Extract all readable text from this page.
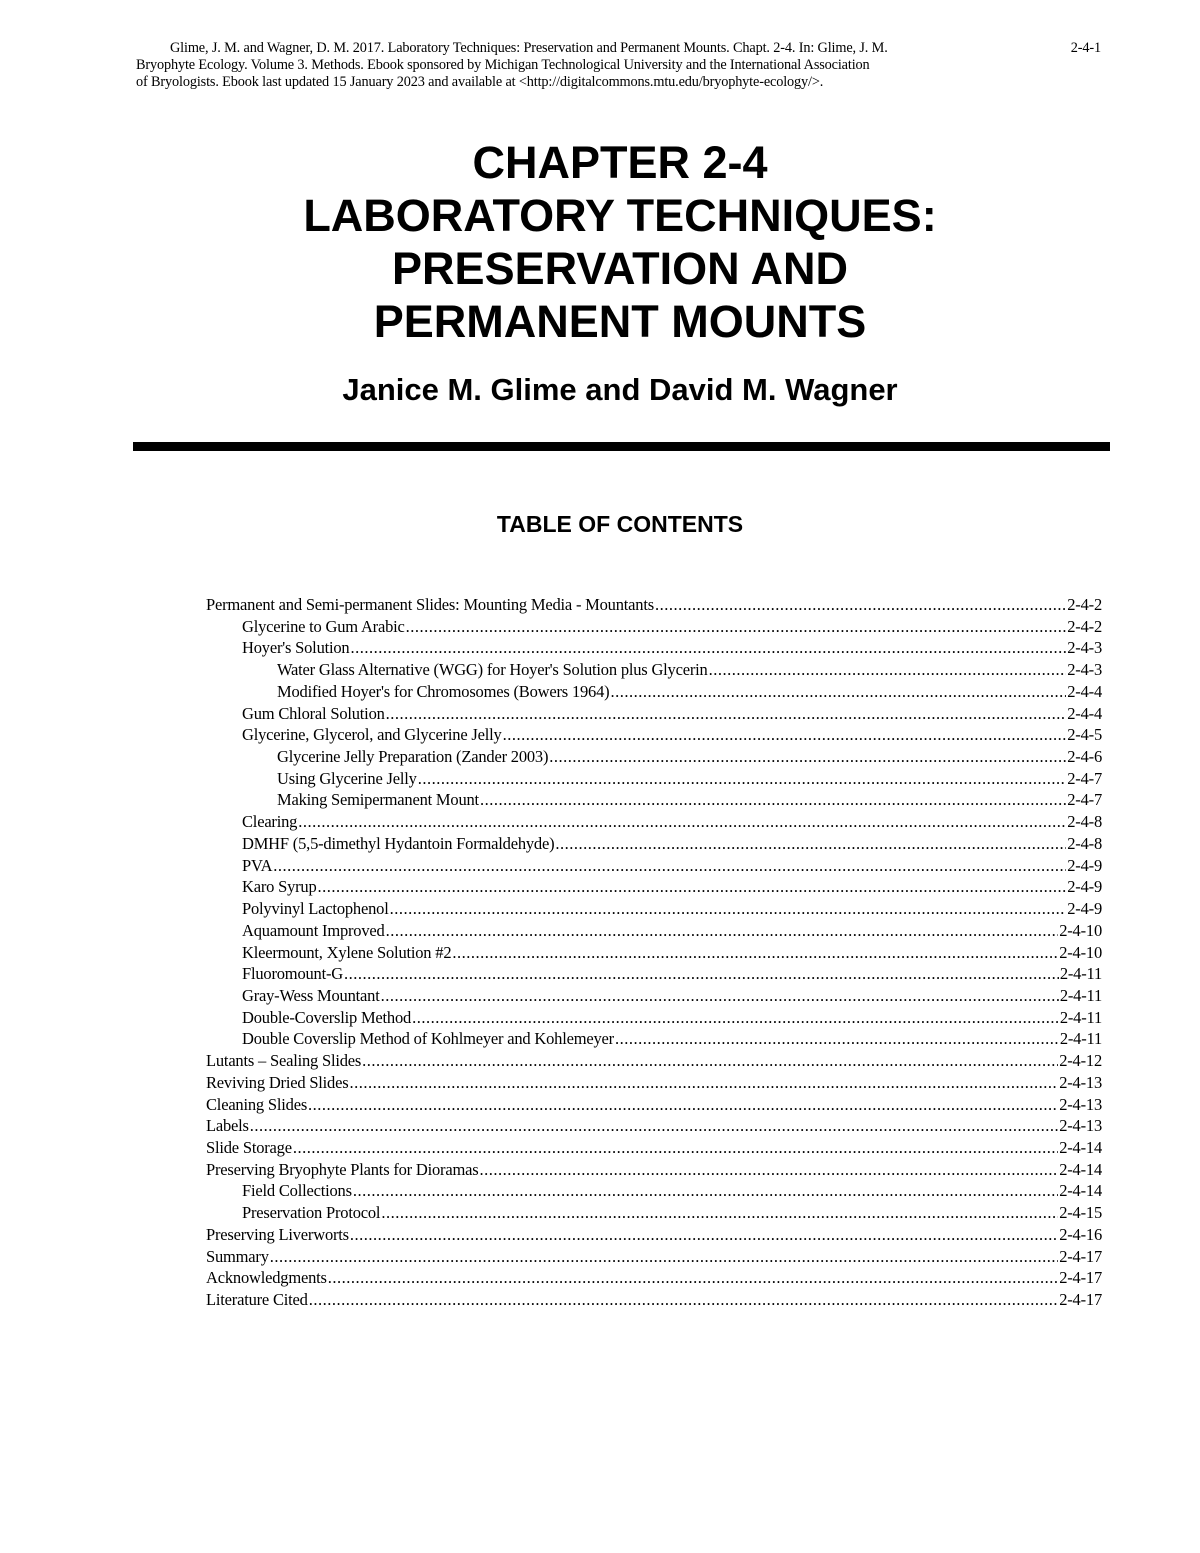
Glime, J. M. and Wagner, D. M. 2017. Laboratory Techniques: Preservation and Permanent Mounts. Chapt. 2-4. In: Glime, J. M.
Bryophyte Ecology. Volume 3. Methods. Ebook sponsored by Michigan Technological University and the International Association
of Bryologists. Ebook last updated 15 January 2023 and available at <http://digitalcommons.mtu.edu/bryophyte-ecology/>.
2-4-1
CHAPTER 2-4
LABORATORY TECHNIQUES:
PRESERVATION AND
PERMANENT MOUNTS
Janice M. Glime and David M. Wagner
TABLE OF CONTENTS
Permanent and Semi-permanent Slides: Mounting Media - Mountants .....	2-4-2
Glycerine to Gum Arabic .....	2-4-2
Hoyer's Solution .....	2-4-3
Water Glass Alternative (WGG) for Hoyer's Solution plus Glycerin .....	2-4-3
Modified Hoyer's for Chromosomes (Bowers 1964) .....	2-4-4
Gum Chloral Solution .....	2-4-4
Glycerine, Glycerol, and Glycerine Jelly .....	2-4-5
Glycerine Jelly Preparation (Zander 2003) .....	2-4-6
Using Glycerine Jelly .....	2-4-7
Making Semipermanent Mount .....	2-4-7
Clearing .....	2-4-8
DMHF (5,5-dimethyl Hydantoin Formaldehyde) .....	2-4-8
PVA .....	2-4-9
Karo Syrup .....	2-4-9
Polyvinyl Lactophenol .....	2-4-9
Aquamount Improved .....	2-4-10
Kleermount, Xylene Solution #2 .....	2-4-10
Fluoromount-G .....	2-4-11
Gray-Wess Mountant .....	2-4-11
Double-Coverslip Method .....	2-4-11
Double Coverslip Method of Kohlmeyer and Kohlemeyer .....	2-4-11
Lutants – Sealing Slides .....	2-4-12
Reviving Dried Slides .....	2-4-13
Cleaning Slides .....	2-4-13
Labels .....	2-4-13
Slide Storage .....	2-4-14
Preserving Bryophyte Plants for Dioramas .....	2-4-14
Field Collections .....	2-4-14
Preservation Protocol .....	2-4-15
Preserving Liverworts .....	2-4-16
Summary .....	2-4-17
Acknowledgments .....	2-4-17
Literature Cited .....	2-4-17
